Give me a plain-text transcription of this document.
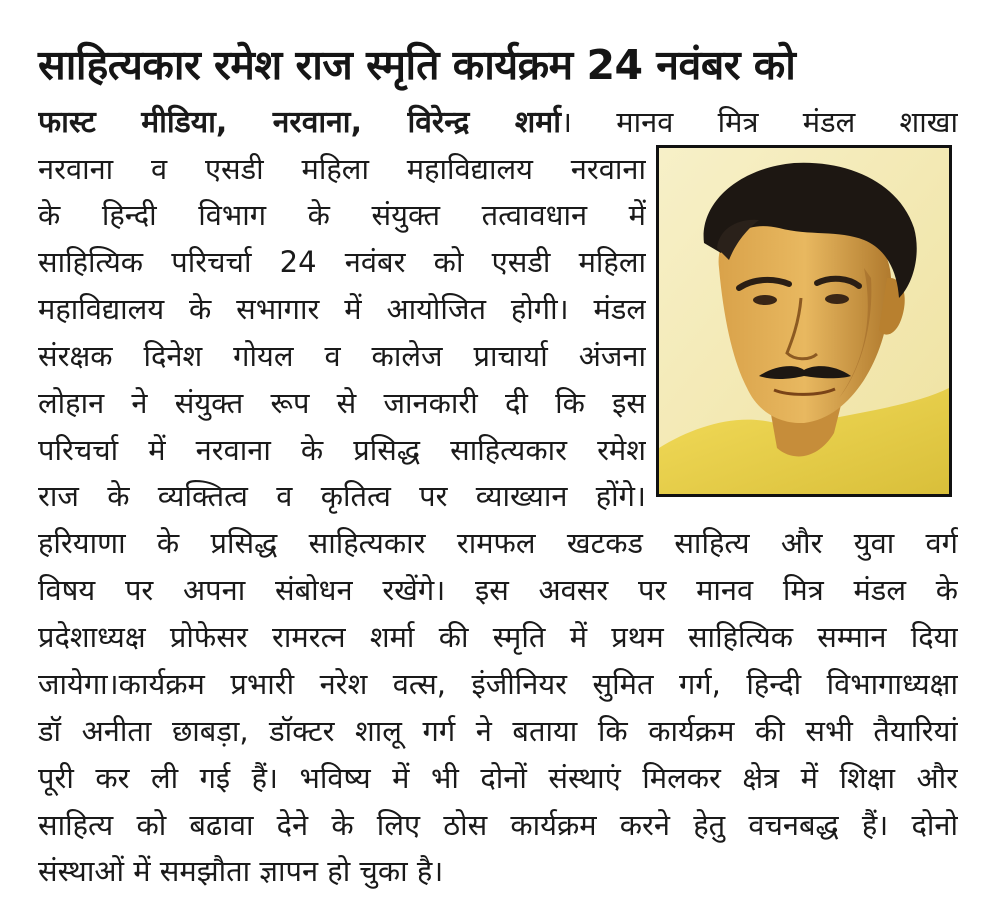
साहित्यकार रमेश राज स्मृति कार्यक्रम 24 नवंबर को
फास्ट मीडिया, नरवाना, विरेन्द्र शर्मा। मानव मित्र मंडल शाखा
नरवाना व एसडी महिला महाविद्यालय नरवाना
के हिन्दी विभाग के संयुक्त तत्वावधान में
साहित्यिक परिचर्चा 24 नवंबर को एसडी महिला
महाविद्यालय के सभागार में आयोजित होगी। मंडल
संरक्षक दिनेश गोयल व कालेज प्राचार्या अंजना
लोहान ने संयुक्त रूप से जानकारी दी कि इस
परिचर्चा में नरवाना के प्रसिद्ध साहित्यकार रमेश
राज के व्यक्तित्व व कृतित्व पर व्याख्यान होंगे।
हरियाणा के प्रसिद्ध साहित्यकार रामफल खटकड साहित्य और युवा वर्ग
विषय पर अपना संबोधन रखेंगे। इस अवसर पर मानव मित्र मंडल के
प्रदेशाध्यक्ष प्रोफेसर रामरत्न शर्मा की स्मृति में प्रथम साहित्यिक सम्मान दिया
जायेगा।कार्यक्रम प्रभारी नरेश वत्स, इंजीनियर सुमित गर्ग, हिन्दी विभागाध्यक्षा
डॉ अनीता छाबड़ा, डॉक्टर शालू गर्ग ने बताया कि कार्यक्रम की सभी तैयारियां
पूरी कर ली गई हैं। भविष्य में भी दोनों संस्थाएं मिलकर क्षेत्र में शिक्षा और
साहित्य को बढावा देने के लिए ठोस कार्यक्रम करने हेतु वचनबद्ध हैं। दोनो
संस्थाओं में समझौता ज्ञापन हो चुका है।
